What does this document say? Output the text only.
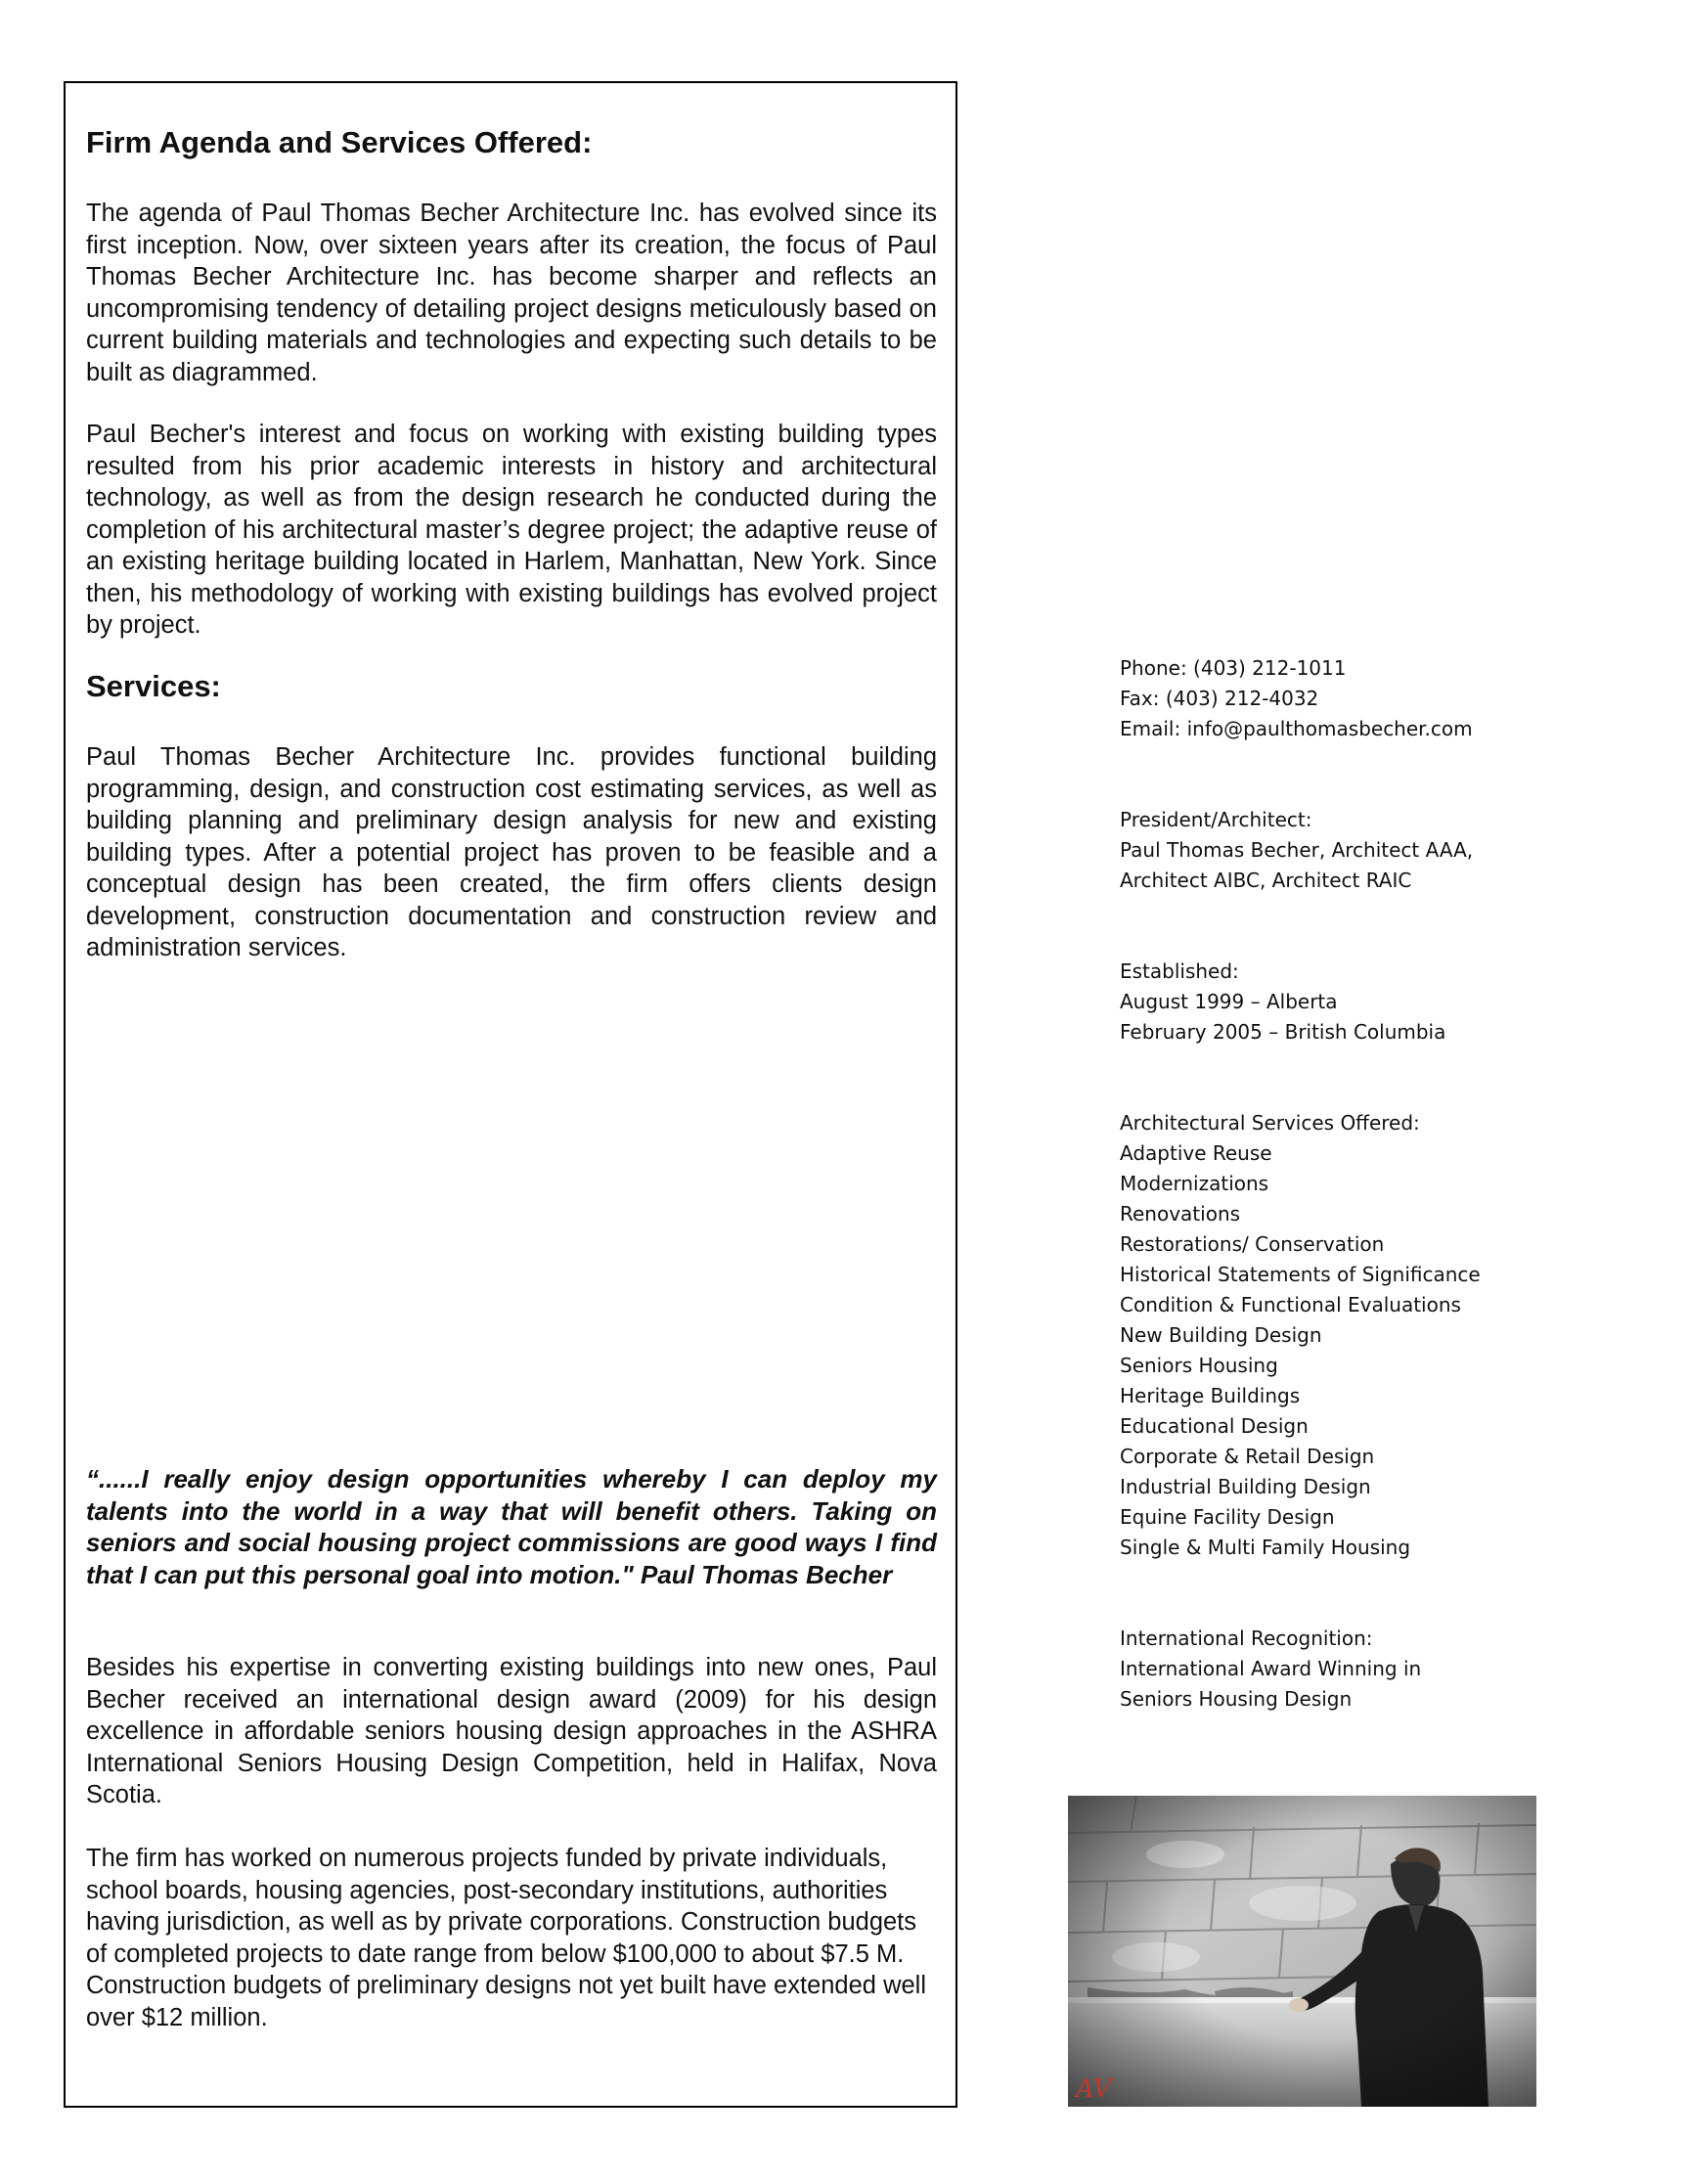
Firm Agenda and Services Offered:

The agenda of Paul Thomas Becher Architecture Inc. has evolved since its first inception. Now, over sixteen years after its creation, the focus of Paul Thomas Becher Architecture Inc. has become sharper and reflects an uncompromising tendency of detailing project designs meticulously based on current building materials and technologies and expecting such details to be built as diagrammed.

Paul Becher's interest and focus on working with existing building types resulted from his prior academic interests in history and architectural technology, as well as from the design research he conducted during the completion of his architectural master’s degree project; the adaptive reuse of an existing heritage building located in Harlem, Manhattan, New York. Since then, his methodology of working with existing buildings has evolved project by project.

Services:

Paul Thomas Becher Architecture Inc. provides functional building programming, design, and construction cost estimating services, as well as building planning and preliminary design analysis for new and existing building types. After a potential project has proven to be feasible and a conceptual design has been created, the firm offers clients design development, construction documentation and construction review and administration services.

“......I really enjoy design opportunities whereby I can deploy my talents into the world in a way that will benefit others. Taking on seniors and social housing project commissions are good ways I find that I can put this personal goal into motion." Paul Thomas Becher

Besides his expertise in converting existing buildings into new ones, Paul Becher received an international design award (2009) for his design excellence in affordable seniors housing design approaches in the ASHRA International Seniors Housing Design Competition, held in Halifax, Nova Scotia.

The firm has worked on numerous projects funded by private individuals, school boards, housing agencies, post-secondary institutions, authorities having jurisdiction, as well as by private corporations. Construction budgets of completed projects to date range from below $100,000 to about $7.5 M. Construction budgets of preliminary designs not yet built have extended well over $12 million.

Phone: (403) 212-1011
Fax: (403) 212-4032
Email: info@paulthomasbecher.com
President/Architect:
Paul Thomas Becher, Architect AAA,
Architect AIBC, Architect RAIC
Established:
August 1999 – Alberta
February 2005 – British Columbia
Architectural Services Offered:
Adaptive Reuse
Modernizations
Renovations
Restorations/ Conservation
Historical Statements of Significance
Condition & Functional Evaluations
New Building Design
Seniors Housing
Heritage Buildings
Educational Design
Corporate & Retail Design
Industrial Building Design
Equine Facility Design
Single & Multi Family Housing
International Recognition:
International Award Winning in
Seniors Housing Design
AV
